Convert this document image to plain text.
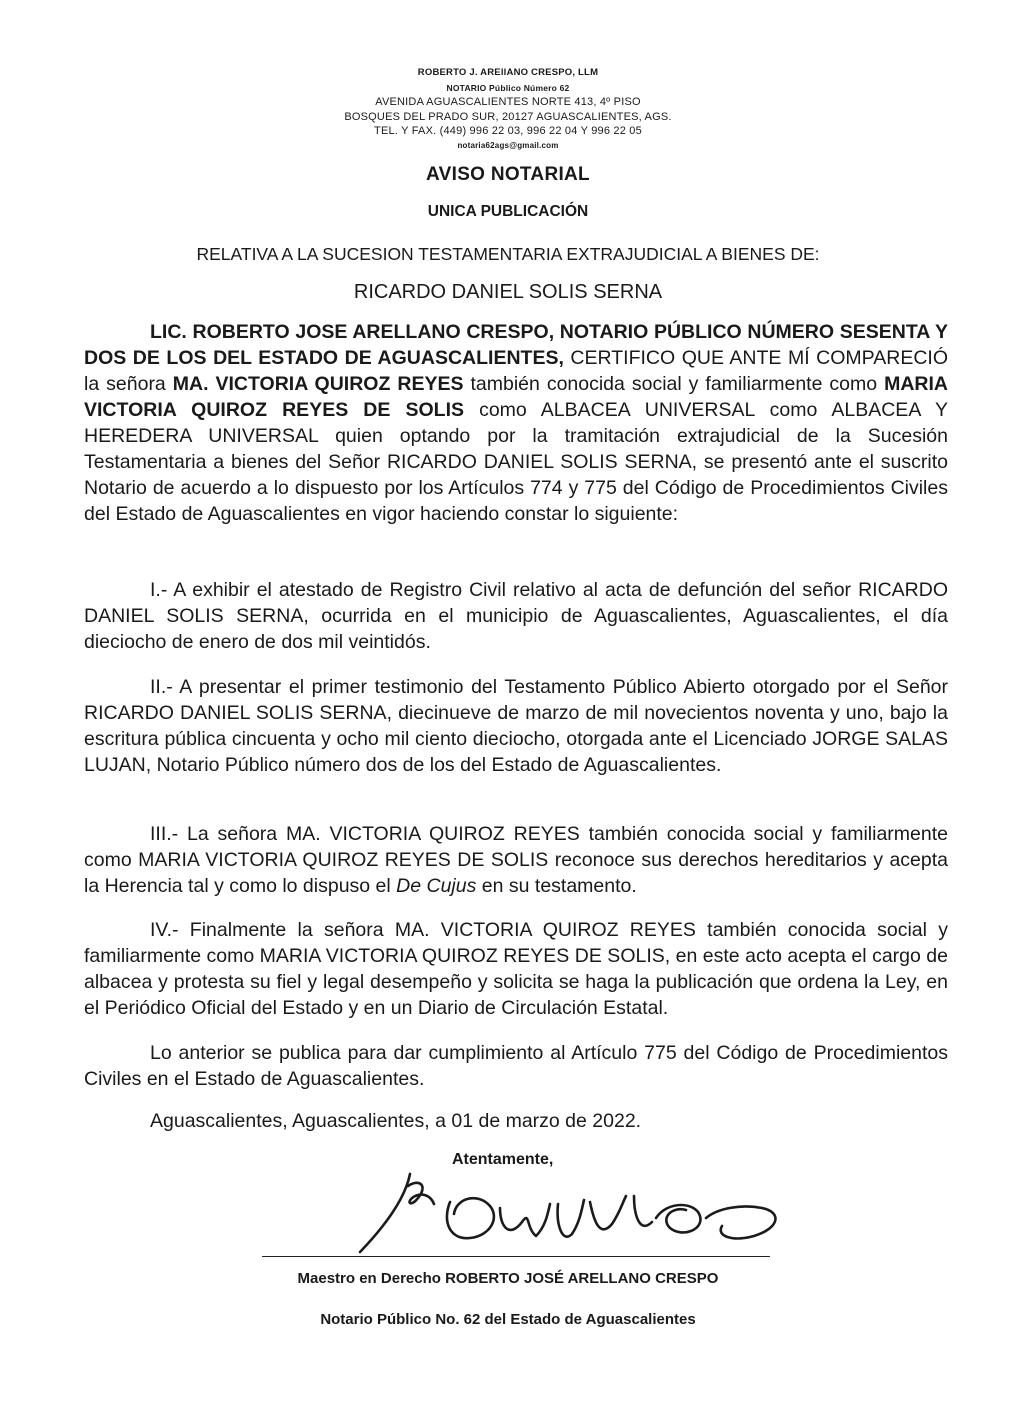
ROBERTO J. AREllANO CRESPO, LLM
NOTARIO Público Número 62
AVENIDA AGUASCALIENTES NORTE 413, 4º PISO
BOSQUES DEL PRADO SUR, 20127 AGUASCALIENTES, AGS.
TEL. Y FAX. (449) 996 22 03, 996 22 04 Y 996 22 05
notaria62ags@gmail.com
AVISO NOTARIAL
UNICA PUBLICACIÓN
RELATIVA A LA SUCESION TESTAMENTARIA EXTRAJUDICIAL A BIENES DE:
RICARDO DANIEL SOLIS SERNA
LIC. ROBERTO JOSE ARELLANO CRESPO, NOTARIO PÚBLICO NÚMERO SESENTA Y DOS DE LOS DEL ESTADO DE AGUASCALIENTES, CERTIFICO QUE ANTE MÍ COMPARECIÓ la señora MA. VICTORIA QUIROZ REYES también conocida social y familiarmente como MARIA VICTORIA QUIROZ REYES DE SOLIS como ALBACEA UNIVERSAL como ALBACEA Y HEREDERA UNIVERSAL quien optando por la tramitación extrajudicial de la Sucesión Testamentaria a bienes del Señor RICARDO DANIEL SOLIS SERNA, se presentó ante el suscrito Notario de acuerdo a lo dispuesto por los Artículos 774 y 775 del Código de Procedimientos Civiles del Estado de Aguascalientes en vigor haciendo constar lo siguiente:
I.- A exhibir el atestado de Registro Civil relativo al acta de defunción del señor RICARDO DANIEL SOLIS SERNA, ocurrida en el municipio de Aguascalientes, Aguascalientes, el día dieciocho de enero de dos mil veintidós.
II.- A presentar el primer testimonio del Testamento Público Abierto otorgado por el Señor RICARDO DANIEL SOLIS SERNA, diecinueve de marzo de mil novecientos noventa y uno, bajo la escritura pública cincuenta y ocho mil ciento dieciocho, otorgada ante el Licenciado JORGE SALAS LUJAN, Notario Público número dos de los del Estado de Aguascalientes.
III.- La señora MA. VICTORIA QUIROZ REYES también conocida social y familiarmente como MARIA VICTORIA QUIROZ REYES DE SOLIS reconoce sus derechos hereditarios y acepta la Herencia tal y como lo dispuso el De Cujus en su testamento.
IV.- Finalmente la señora MA. VICTORIA QUIROZ REYES también conocida social y familiarmente como MARIA VICTORIA QUIROZ REYES DE SOLIS, en este acto acepta el cargo de albacea y protesta su fiel y legal desempeño y solicita se haga la publicación que ordena la Ley, en el Periódico Oficial del Estado y en un Diario de Circulación Estatal.
Lo anterior se publica para dar cumplimiento al Artículo 775 del Código de Procedimientos Civiles en el Estado de Aguascalientes.
Aguascalientes, Aguascalientes, a 01 de marzo de 2022.
Atentamente,
Maestro en Derecho ROBERTO JOSÉ ARELLANO CRESPO
Notario Público No. 62 del Estado de Aguascalientes
